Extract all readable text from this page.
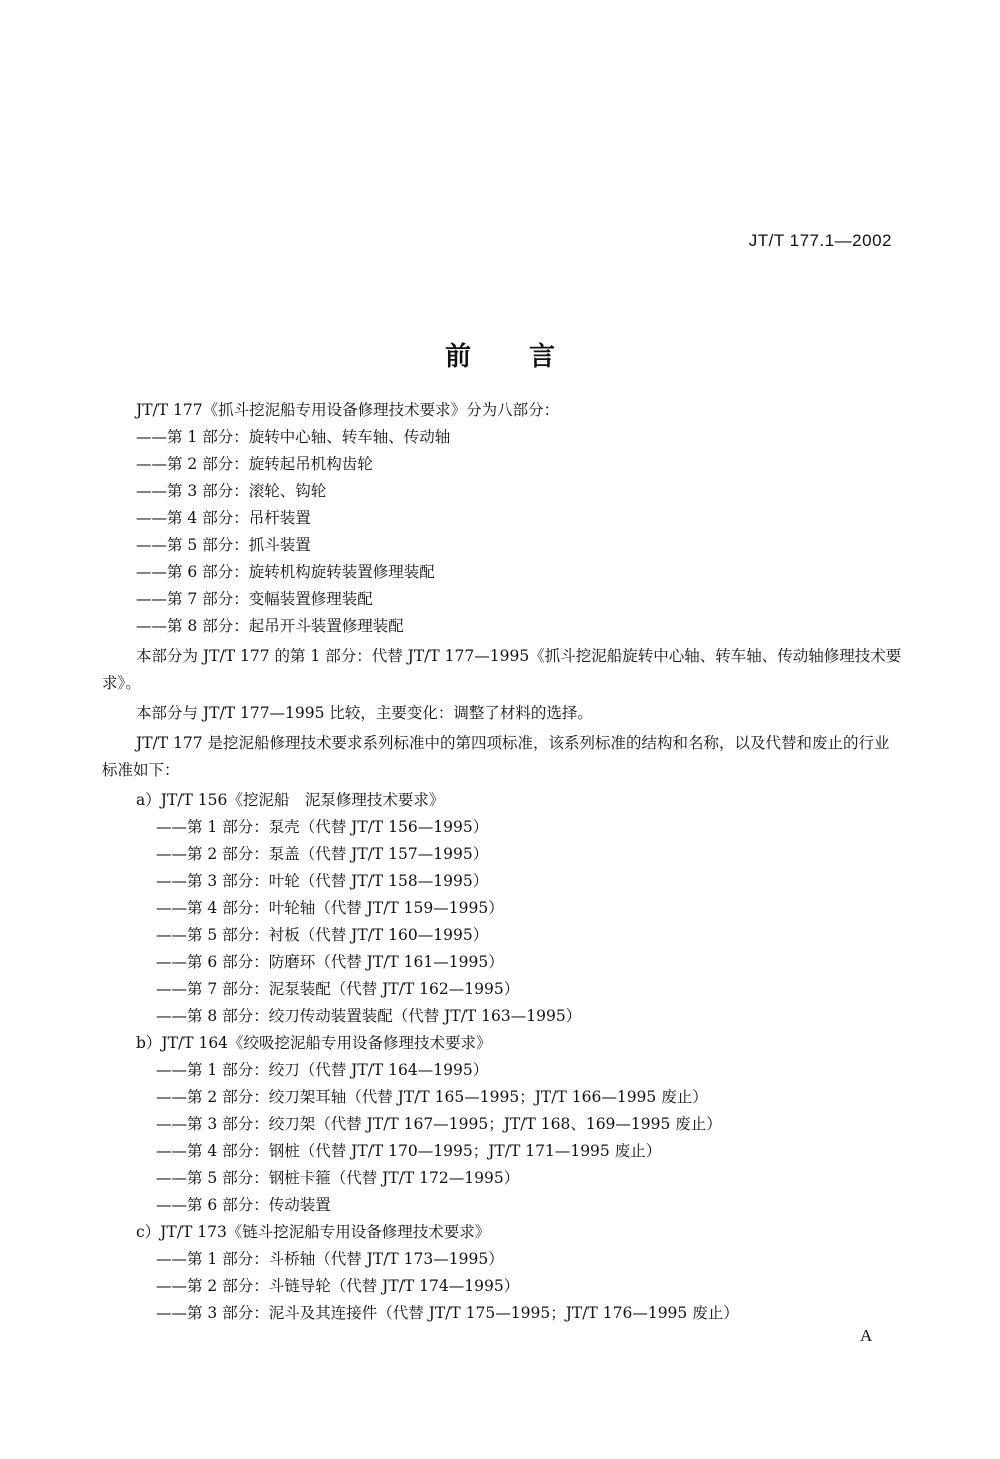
JT/T 177.1—2002
前言
JT/T 177《抓斗挖泥船专用设备修理技术要求》分为八部分：
——第 1 部分：旋转中心轴、转车轴、传动轴
——第 2 部分：旋转起吊机构齿轮
——第 3 部分：滚轮、钩轮
——第 4 部分：吊杆装置
——第 5 部分：抓斗装置
——第 6 部分：旋转机构旋转装置修理装配
——第 7 部分：变幅装置修理装配
——第 8 部分：起吊开斗装置修理装配
本部分为 JT/T 177 的第 1 部分：代替 JT/T 177—1995《抓斗挖泥船旋转中心轴、转车轴、传动轴修理技术要求》。
本部分与 JT/T 177—1995 比较，主要变化：调整了材料的选择。
JT/T 177 是挖泥船修理技术要求系列标准中的第四项标准，该系列标准的结构和名称，以及代替和废止的行业标准如下：
a）JT/T 156《挖泥船　泥泵修理技术要求》
——第 1 部分：泵壳（代替 JT/T 156—1995）
——第 2 部分：泵盖（代替 JT/T 157—1995）
——第 3 部分：叶轮（代替 JT/T 158—1995）
——第 4 部分：叶轮轴（代替 JT/T 159—1995）
——第 5 部分：衬板（代替 JT/T 160—1995）
——第 6 部分：防磨环（代替 JT/T 161—1995）
——第 7 部分：泥泵装配（代替 JT/T 162—1995）
——第 8 部分：绞刀传动装置装配（代替 JT/T 163—1995）
b）JT/T 164《绞吸挖泥船专用设备修理技术要求》
——第 1 部分：绞刀（代替 JT/T 164—1995）
——第 2 部分：绞刀架耳轴（代替 JT/T 165—1995；JT/T 166—1995 废止）
——第 3 部分：绞刀架（代替 JT/T 167—1995；JT/T 168、169—1995 废止）
——第 4 部分：钢桩（代替 JT/T 170—1995；JT/T 171—1995 废止）
——第 5 部分：钢桩卡箍（代替 JT/T 172—1995）
——第 6 部分：传动装置
c）JT/T 173《链斗挖泥船专用设备修理技术要求》
——第 1 部分：斗桥轴（代替 JT/T 173—1995）
——第 2 部分：斗链导轮（代替 JT/T 174—1995）
——第 3 部分：泥斗及其连接件（代替 JT/T 175—1995；JT/T 176—1995 废止）
A
